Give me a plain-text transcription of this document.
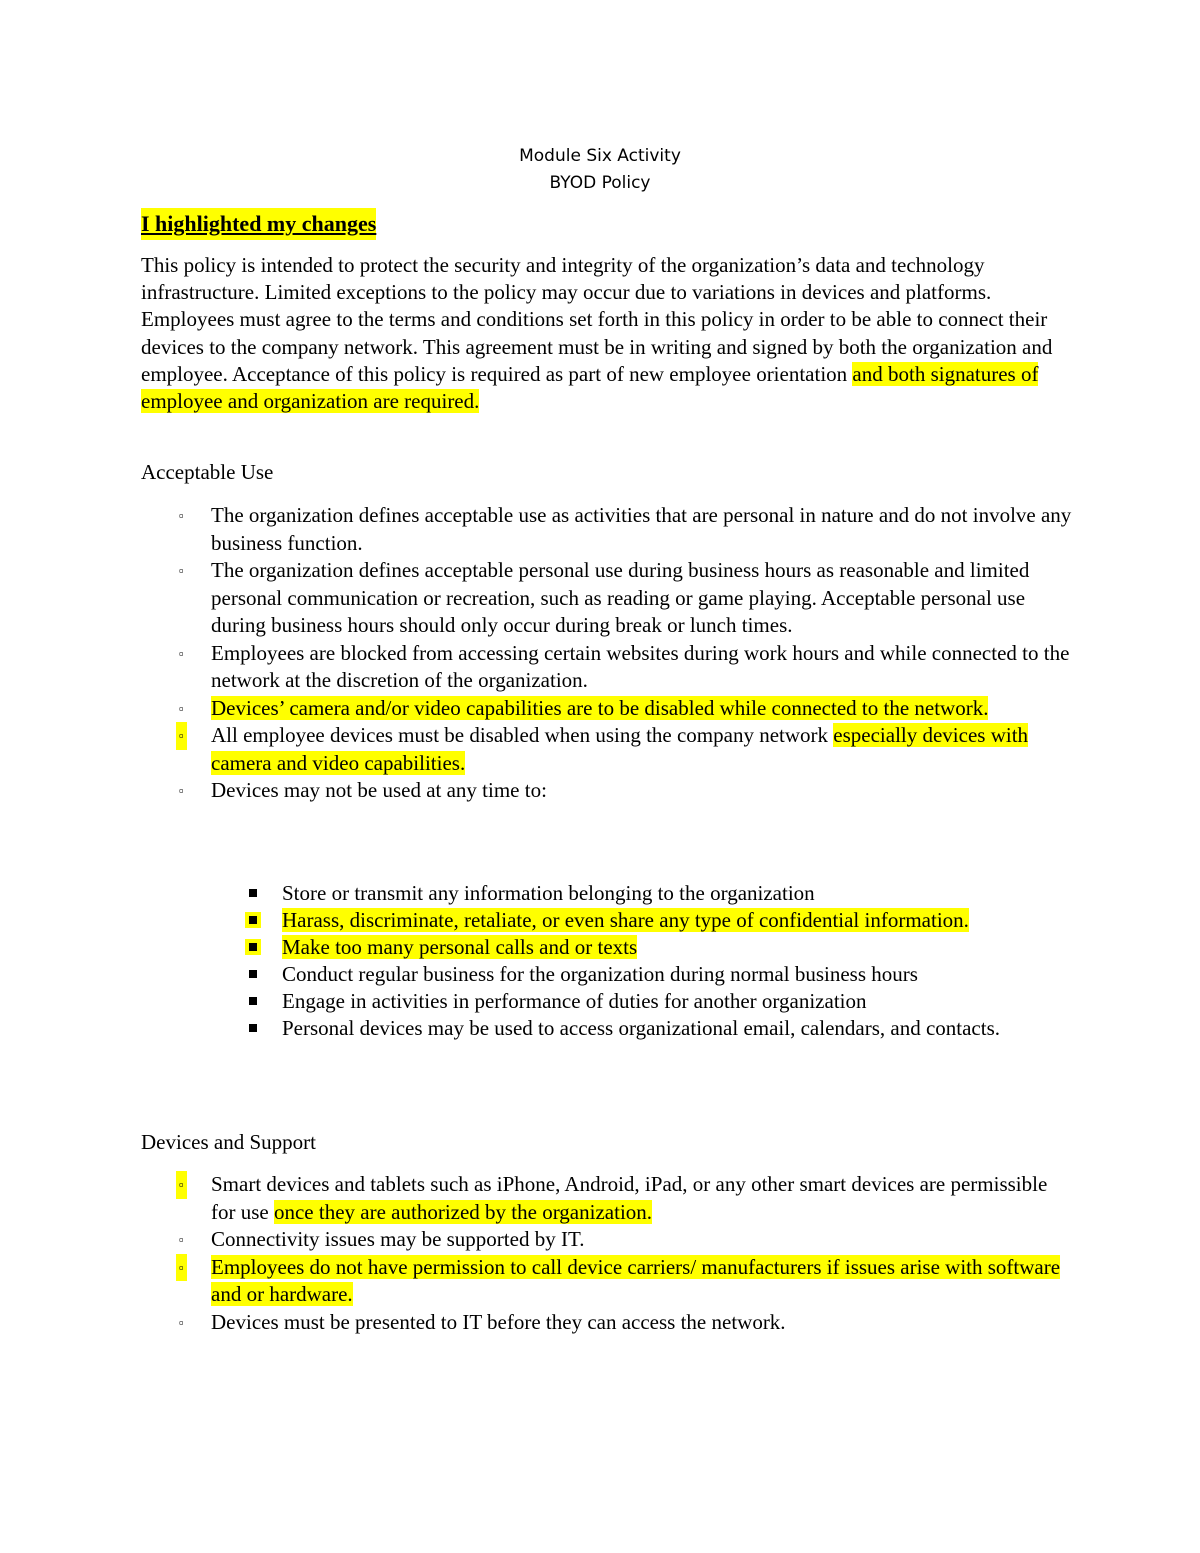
Module Six Activity
BYOD Policy
I highlighted my changes
This policy is intended to protect the security and integrity of the organization’s data and technology infrastructure. Limited exceptions to the policy may occur due to variations in devices and platforms. Employees must agree to the terms and conditions set forth in this policy in order to be able to connect their devices to the company network. This agreement must be in writing and signed by both the organization and employee. Acceptance of this policy is required as part of new employee orientation and both signatures of employee and organization are required.
Acceptable Use
▫ The organization defines acceptable use as activities that are personal in nature and do not involve any business function.
▫ The organization defines acceptable personal use during business hours as reasonable and limited personal communication or recreation, such as reading or game playing. Acceptable personal use during business hours should only occur during break or lunch times.
▫ Employees are blocked from accessing certain websites during work hours and while connected to the network at the discretion of the organization.
▫ Devices’ camera and/or video capabilities are to be disabled while connected to the network.
▫ All employee devices must be disabled when using the company network especially devices with camera and video capabilities.
▫ Devices may not be used at any time to:
Store or transmit any information belonging to the organization
Harass, discriminate, retaliate, or even share any type of confidential information.
Make too many personal calls and or texts
Conduct regular business for the organization during normal business hours
Engage in activities in performance of duties for another organization
Personal devices may be used to access organizational email, calendars, and contacts.
Devices and Support
▫ Smart devices and tablets such as iPhone, Android, iPad, or any other smart devices are permissible for use once they are authorized by the organization.
▫ Connectivity issues may be supported by IT.
▫ Employees do not have permission to call device carriers/ manufacturers if issues arise with software and or hardware.
▫ Devices must be presented to IT before they can access the network.
